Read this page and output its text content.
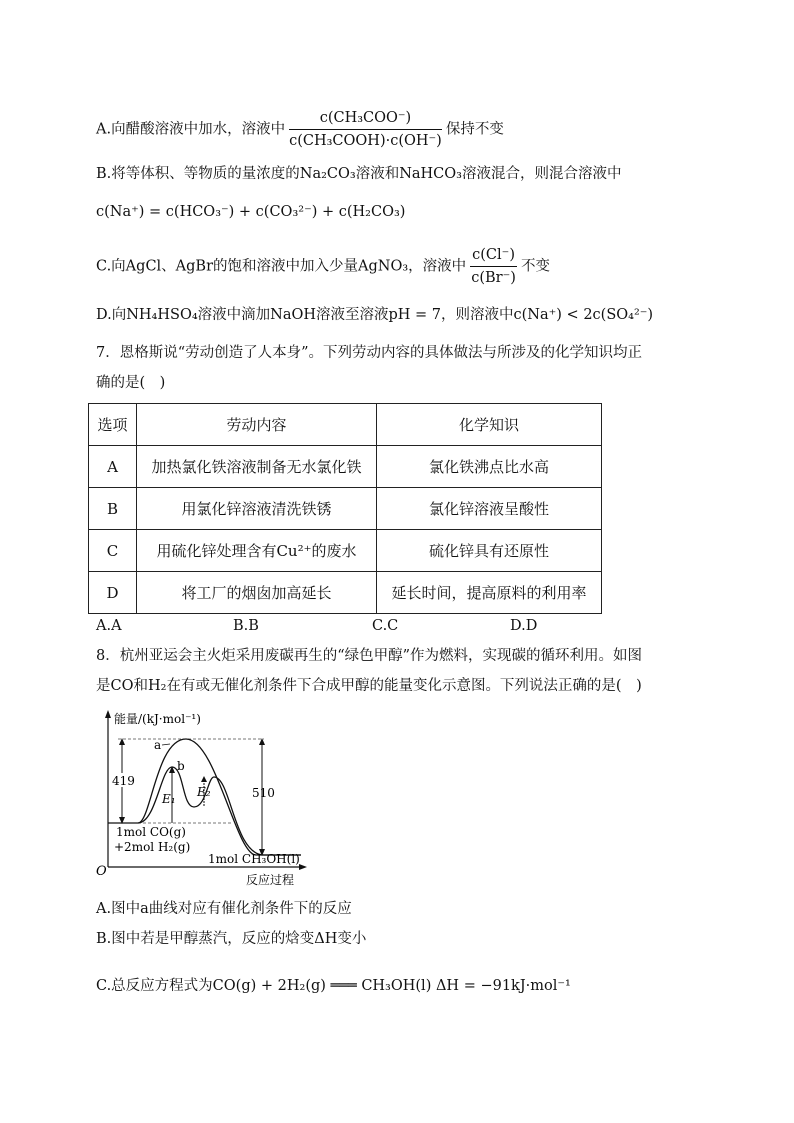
A.向醋酸溶液中加水，溶液中 $\frac{\text{c(CH₃COO⁻)}}{\text{c(CH₃COOH)·c(OH⁻)}}$ 保持不变
B.将等体积、等物质的量浓度的Na₂CO₃溶液和NaHCO₃溶液混合，则混合溶液中
c(Na⁺) = c(HCO₃⁻) + c(CO₃²⁻) + c(H₂CO₃)
C.向AgCl、AgBr的饱和溶液中加入少量AgNO₃，溶液中 $\frac{c(Cl^-)}{c(Br^-)}$ 不变
D.向NH₄HSO₄溶液中滴加NaOH溶液至溶液pH = 7，则溶液中c(Na⁺) < 2c(SO₄²⁻)
7．恩格斯说“劳动创造了人本身”。下列劳动内容的具体做法与所涉及的化学知识均正
确的是(　)
选项	劳动内容	化学知识
A	加热氯化铁溶液制备无水氯化铁	氯化铁沸点比水高
B	用氯化锌溶液清洗铁锈	氯化锌溶液呈酸性
C	用硫化锌处理含有Cu²⁺的废水	硫化锌具有还原性
D	将工厂的烟囱加高延长	延长时间，提高原料的利用率
A.A	B.B	C.C	D.D
8．杭州亚运会主火炬采用废碳再生的“绿色甲醇”作为燃料，实现碳的循环利用。如图
是CO和H₂在有或无催化剂条件下合成甲醇的能量变化示意图。下列说法正确的是(　)
能量/(kJ·mol⁻¹)
O
反应过程
a
b
419
E₁ E₂	510
1mol CO(g)
+2mol H₂(g)
1mol CH₃OH(l)
A.图中a曲线对应有催化剂条件下的反应
B.图中若是甲醇蒸汽，反应的焓变ΔH变小
C.总反应方程式为CO(g) + 2H₂(g) ═══ CH₃OH(l) ΔH = −91kJ·mol⁻¹
